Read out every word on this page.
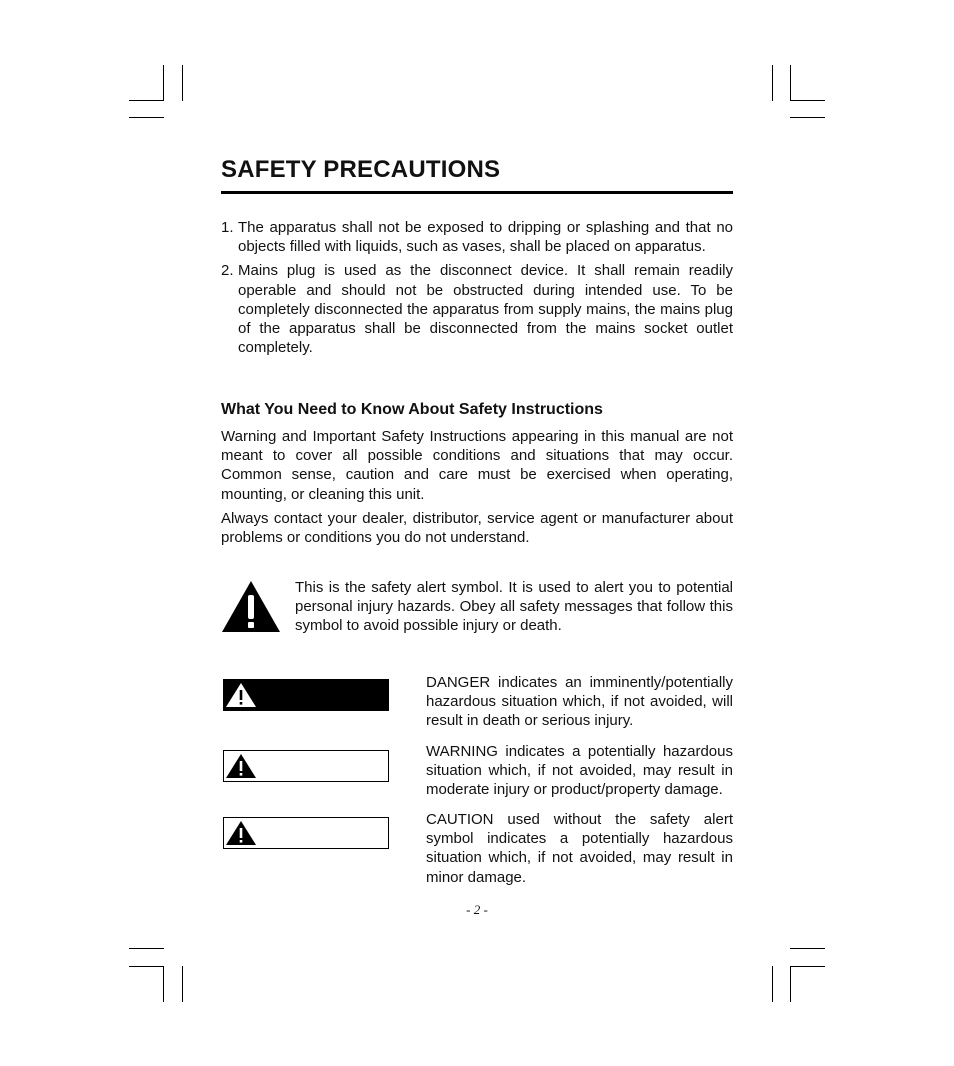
SAFETY PRECAUTIONS
1. The apparatus shall not be exposed to dripping or splashing and that no objects filled with liquids, such as vases, shall be placed on apparatus.
2. Mains plug is used as the disconnect device. It shall remain readily operable and should not be obstructed during intended use. To be completely disconnected the apparatus from supply mains, the mains plug of the apparatus shall be disconnected from the mains socket outlet completely.
What You Need to Know About Safety Instructions

Warning and Important Safety Instructions appearing in this manual are not meant to cover all possible conditions and situations that may occur. Common sense, caution and care must be exercised when operating, mounting, or cleaning this unit.

Always contact your dealer, distributor, service agent or manufacturer about problems or conditions you do not understand.

This is the safety alert symbol. It is used to alert you to potential personal injury hazards. Obey all safety messages that follow this symbol to avoid possible injury or death.

DANGER indicates an imminently/potentially hazardous situation which, if not avoided, will result in death or serious injury.

WARNING indicates a potentially hazardous situation which, if not avoided, may result in moderate injury or product/property damage.

CAUTION used without the safety alert symbol indicates a potentially hazardous situation which, if not avoided, may result in minor damage.

- 2 -
